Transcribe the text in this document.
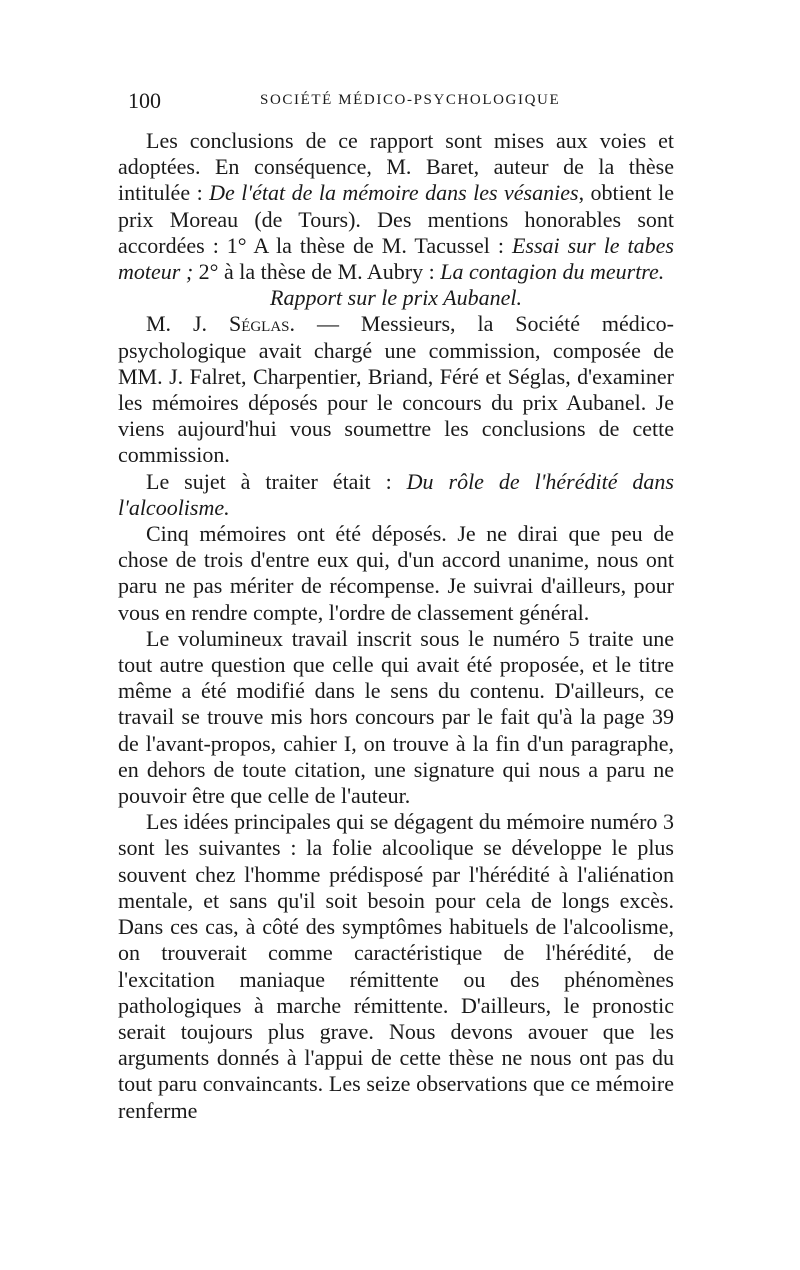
100	SOCIÉTÉ MÉDICO-PSYCHOLOGIQUE

Les conclusions de ce rapport sont mises aux voies et adoptées. En conséquence, M. Baret, auteur de la thèse intitulée : De l'état de la mémoire dans les vésanies, obtient le prix Moreau (de Tours). Des mentions honorables sont accordées : 1° A la thèse de M. Tacussel : Essai sur le tabes moteur ; 2° à la thèse de M. Aubry : La contagion du meurtre.

Rapport sur le prix Aubanel.

M. J. Séglas. — Messieurs, la Société médico-psychologique avait chargé une commission, composée de MM. J. Falret, Charpentier, Briand, Féré et Séglas, d'examiner les mémoires déposés pour le concours du prix Aubanel. Je viens aujourd'hui vous soumettre les conclusions de cette commission.

Le sujet à traiter était : Du rôle de l'hérédité dans l'alcoolisme.

Cinq mémoires ont été déposés. Je ne dirai que peu de chose de trois d'entre eux qui, d'un accord unanime, nous ont paru ne pas mériter de récompense. Je suivrai d'ailleurs, pour vous en rendre compte, l'ordre de classement général.

Le volumineux travail inscrit sous le numéro 5 traite une tout autre question que celle qui avait été proposée, et le titre même a été modifié dans le sens du contenu. D'ailleurs, ce travail se trouve mis hors concours par le fait qu'à la page 39 de l'avant-propos, cahier I, on trouve à la fin d'un paragraphe, en dehors de toute citation, une signature qui nous a paru ne pouvoir être que celle de l'auteur.

Les idées principales qui se dégagent du mémoire numéro 3 sont les suivantes : la folie alcoolique se développe le plus souvent chez l'homme prédisposé par l'hérédité à l'aliénation mentale, et sans qu'il soit besoin pour cela de longs excès. Dans ces cas, à côté des symptômes habituels de l'alcoolisme, on trouverait comme caractéristique de l'hérédité, de l'excitation maniaque rémittente ou des phénomènes pathologiques à marche rémittente. D'ailleurs, le pronostic serait toujours plus grave. Nous devons avouer que les arguments donnés à l'appui de cette thèse ne nous ont pas du tout paru convaincants. Les seize observations que ce mémoire renferme
